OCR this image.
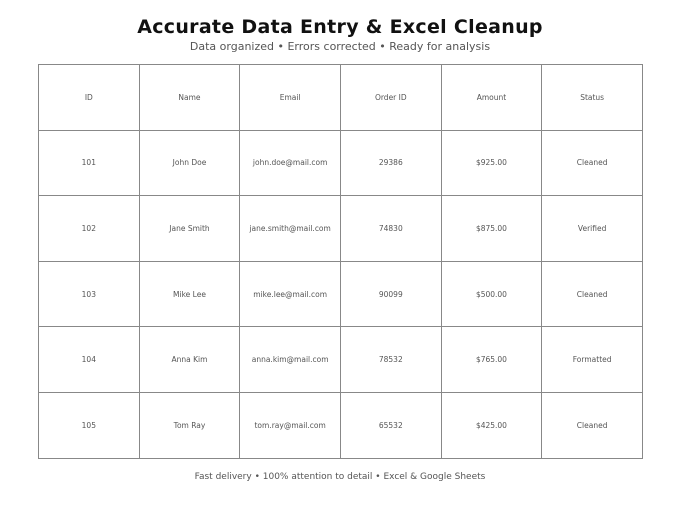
Accurate Data Entry & Excel Cleanup
Data organized • Errors corrected • Ready for analysis
ID	Name	Email	Order ID	Amount	Status
101	John Doe	john.doe@mail.com	29386	$925.00	Cleaned
102	Jane Smith	jane.smith@mail.com	74830	$875.00	Verified
103	Mike Lee	mike.lee@mail.com	90099	$500.00	Cleaned
104	Anna Kim	anna.kim@mail.com	78532	$765.00	Formatted
105	Tom Ray	tom.ray@mail.com	65532	$425.00	Cleaned
Fast delivery • 100% attention to detail • Excel & Google Sheets
